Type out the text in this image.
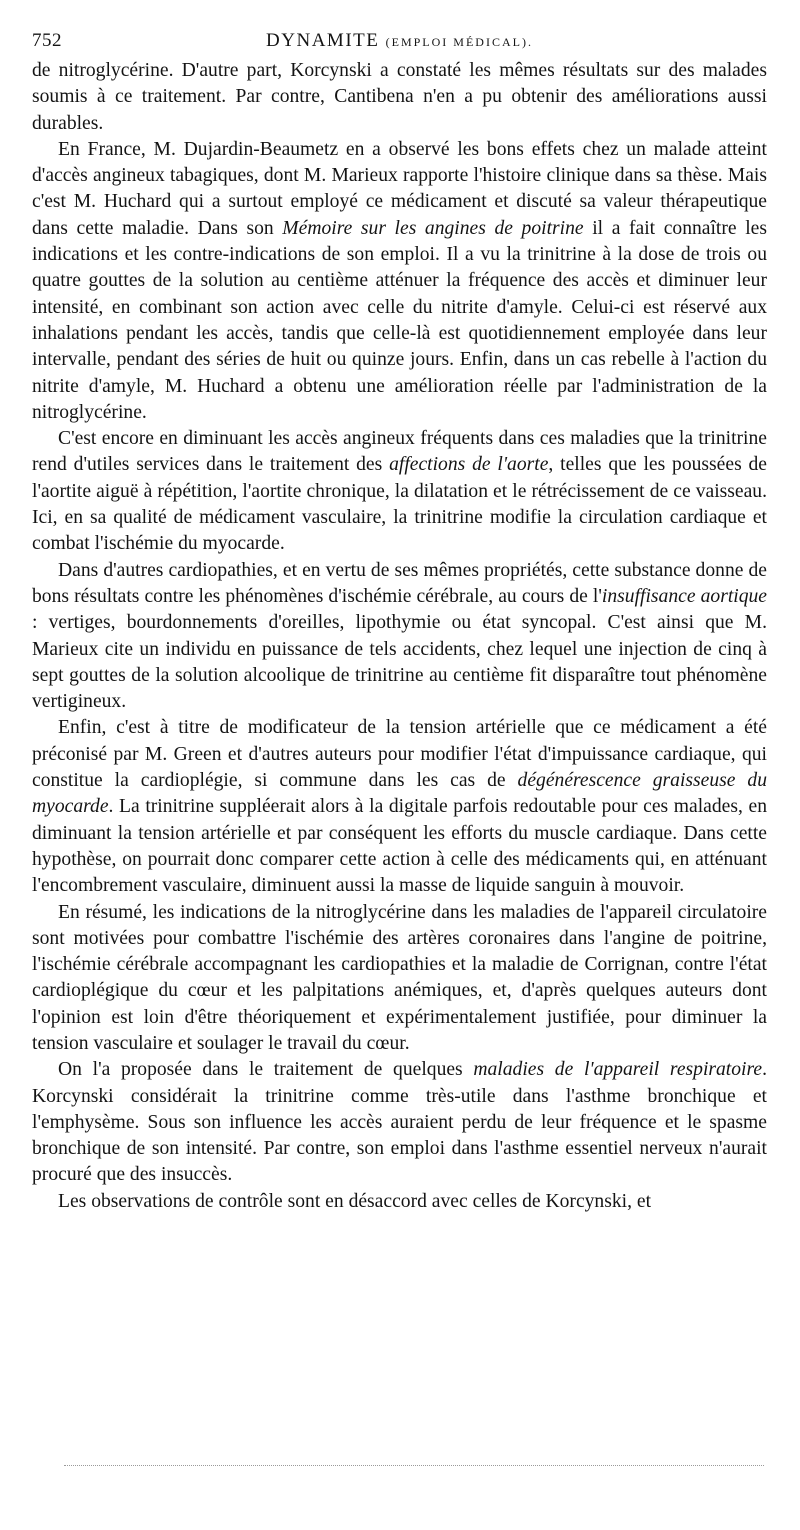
752	DYNAMITE (EMPLOI MÉDICAL).

de nitroglycérine. D'autre part, Korcynski a constaté les mêmes résultats sur des malades soumis à ce traitement. Par contre, Cantibena n'en a pu obtenir des améliorations aussi durables.

En France, M. Dujardin-Beaumetz en a observé les bons effets chez un malade atteint d'accès angineux tabagiques, dont M. Marieux rapporte l'histoire clinique dans sa thèse. Mais c'est M. Huchard qui a surtout employé ce médicament et discuté sa valeur thérapeutique dans cette maladie. Dans son Mémoire sur les angines de poitrine il a fait connaître les indications et les contre-indications de son emploi. Il a vu la trinitrine à la dose de trois ou quatre gouttes de la solution au centième atténuer la fréquence des accès et diminuer leur intensité, en combinant son action avec celle du nitrite d'amyle. Celui-ci est réservé aux inhalations pendant les accès, tandis que celle-là est quotidiennement employée dans leur intervalle, pendant des séries de huit ou quinze jours. Enfin, dans un cas rebelle à l'action du nitrite d'amyle, M. Huchard a obtenu une amélioration réelle par l'administration de la nitroglycérine.

C'est encore en diminuant les accès angineux fréquents dans ces maladies que la trinitrine rend d'utiles services dans le traitement des affections de l'aorte, telles que les poussées de l'aortite aiguë à répétition, l'aortite chronique, la dilatation et le rétrécissement de ce vaisseau. Ici, en sa qualité de médicament vasculaire, la trinitrine modifie la circulation cardiaque et combat l'ischémie du myocarde.

Dans d'autres cardiopathies, et en vertu de ses mêmes propriétés, cette substance donne de bons résultats contre les phénomènes d'ischémie cérébrale, au cours de l'insuffisance aortique : vertiges, bourdonnements d'oreilles, lipothymie ou état syncopal. C'est ainsi que M. Marieux cite un individu en puissance de tels accidents, chez lequel une injection de cinq à sept gouttes de la solution alcoolique de trinitrine au centième fit disparaître tout phénomène vertigineux.

Enfin, c'est à titre de modificateur de la tension artérielle que ce médicament a été préconisé par M. Green et d'autres auteurs pour modifier l'état d'impuissance cardiaque, qui constitue la cardioplégie, si commune dans les cas de dégénérescence graisseuse du myocarde. La trinitrine suppléerait alors à la digitale parfois redoutable pour ces malades, en diminuant la tension artérielle et par conséquent les efforts du muscle cardiaque. Dans cette hypothèse, on pourrait donc comparer cette action à celle des médicaments qui, en atténuant l'encombrement vasculaire, diminuent aussi la masse de liquide sanguin à mouvoir.

En résumé, les indications de la nitroglycérine dans les maladies de l'appareil circulatoire sont motivées pour combattre l'ischémie des artères coronaires dans l'angine de poitrine, l'ischémie cérébrale accompagnant les cardiopathies et la maladie de Corrignan, contre l'état cardioplégique du cœur et les palpitations anémiques, et, d'après quelques auteurs dont l'opinion est loin d'être théoriquement et expérimentalement justifiée, pour diminuer la tension vasculaire et soulager le travail du cœur.

On l'a proposée dans le traitement de quelques maladies de l'appareil respiratoire. Korcynski considérait la trinitrine comme très-utile dans l'asthme bronchique et l'emphysème. Sous son influence les accès auraient perdu de leur fréquence et le spasme bronchique de son intensité. Par contre, son emploi dans l'asthme essentiel nerveux n'aurait procuré que des insuccès.

Les observations de contrôle sont en désaccord avec celles de Korcynski, et
